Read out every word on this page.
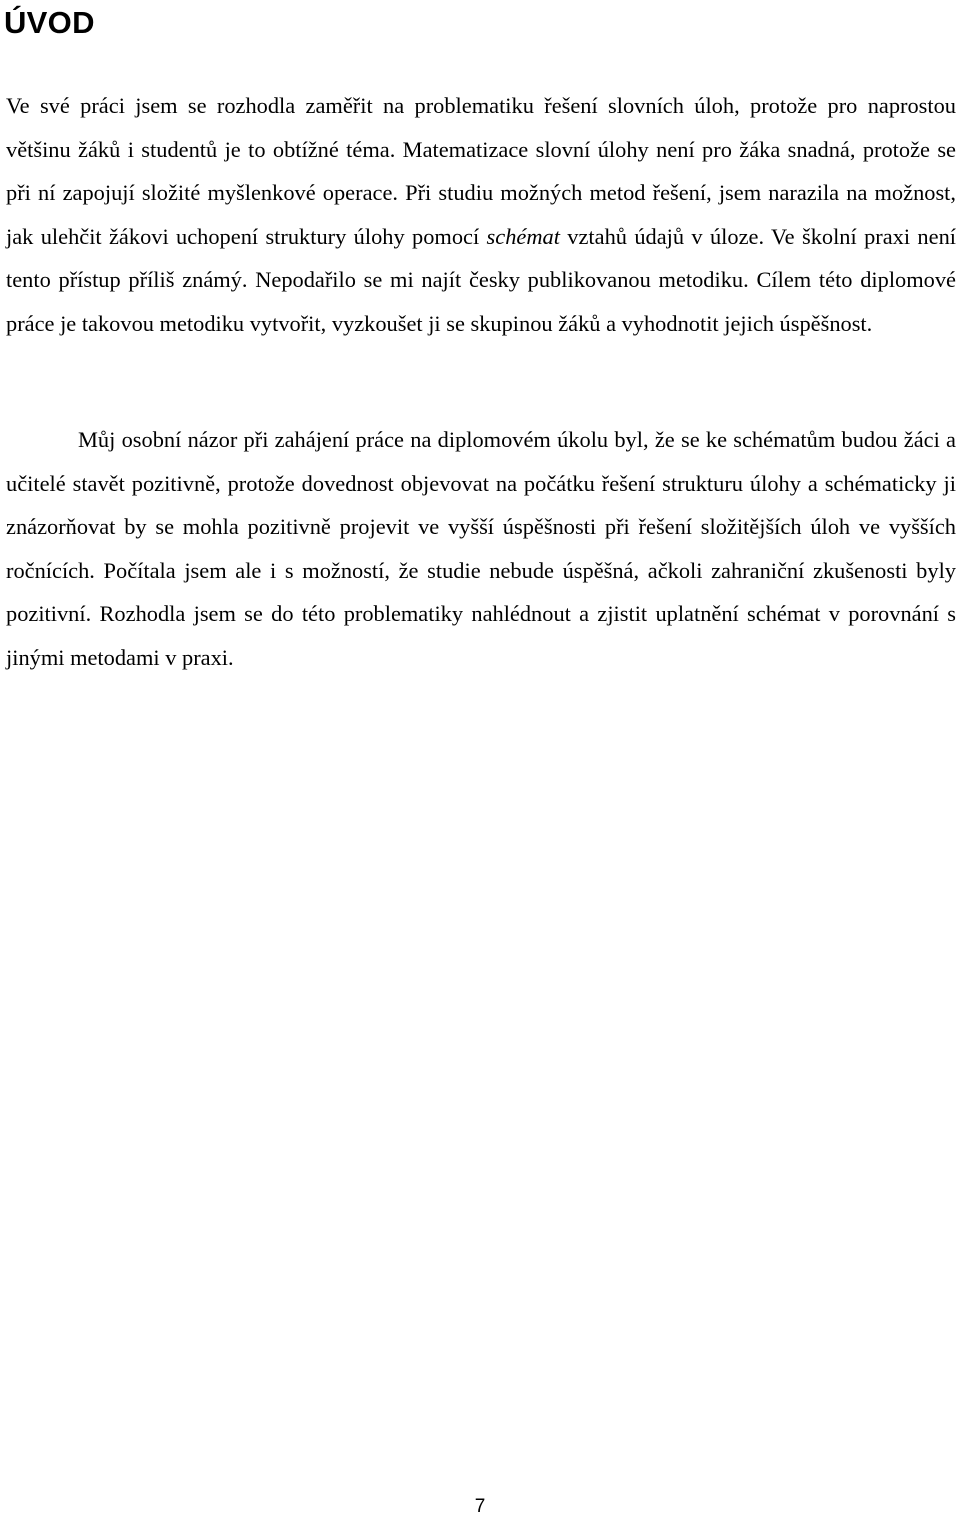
ÚVOD

Ve své práci jsem se rozhodla zaměřit na problematiku řešení slovních úloh, protože pro naprostou většinu žáků i studentů je to obtížné téma. Matematizace slovní úlohy není pro žáka snadná, protože se při ní zapojují složité myšlenkové operace. Při studiu možných metod řešení, jsem narazila na možnost, jak ulehčit žákovi uchopení struktury úlohy pomocí schémat vztahů údajů v úloze. Ve školní praxi není tento přístup příliš známý. Nepodařilo se mi najít česky publikovanou metodiku. Cílem této diplomové práce je takovou metodiku vytvořit, vyzkoušet ji se skupinou žáků a vyhodnotit jejich úspěšnost.

Můj osobní názor při zahájení práce na diplomovém úkolu byl, že se ke schématům budou žáci a učitelé stavět pozitivně, protože dovednost objevovat na počátku řešení strukturu úlohy a schématicky ji znázorňovat by se mohla pozitivně projevit ve vyšší úspěšnosti při řešení složitějších úloh ve vyšších ročnících. Počítala jsem ale i s možností, že studie nebude úspěšná, ačkoli zahraniční zkušenosti byly pozitivní. Rozhodla jsem se do této problematiky nahlédnout a zjistit uplatnění schémat v porovnání s jinými metodami v praxi.

7
